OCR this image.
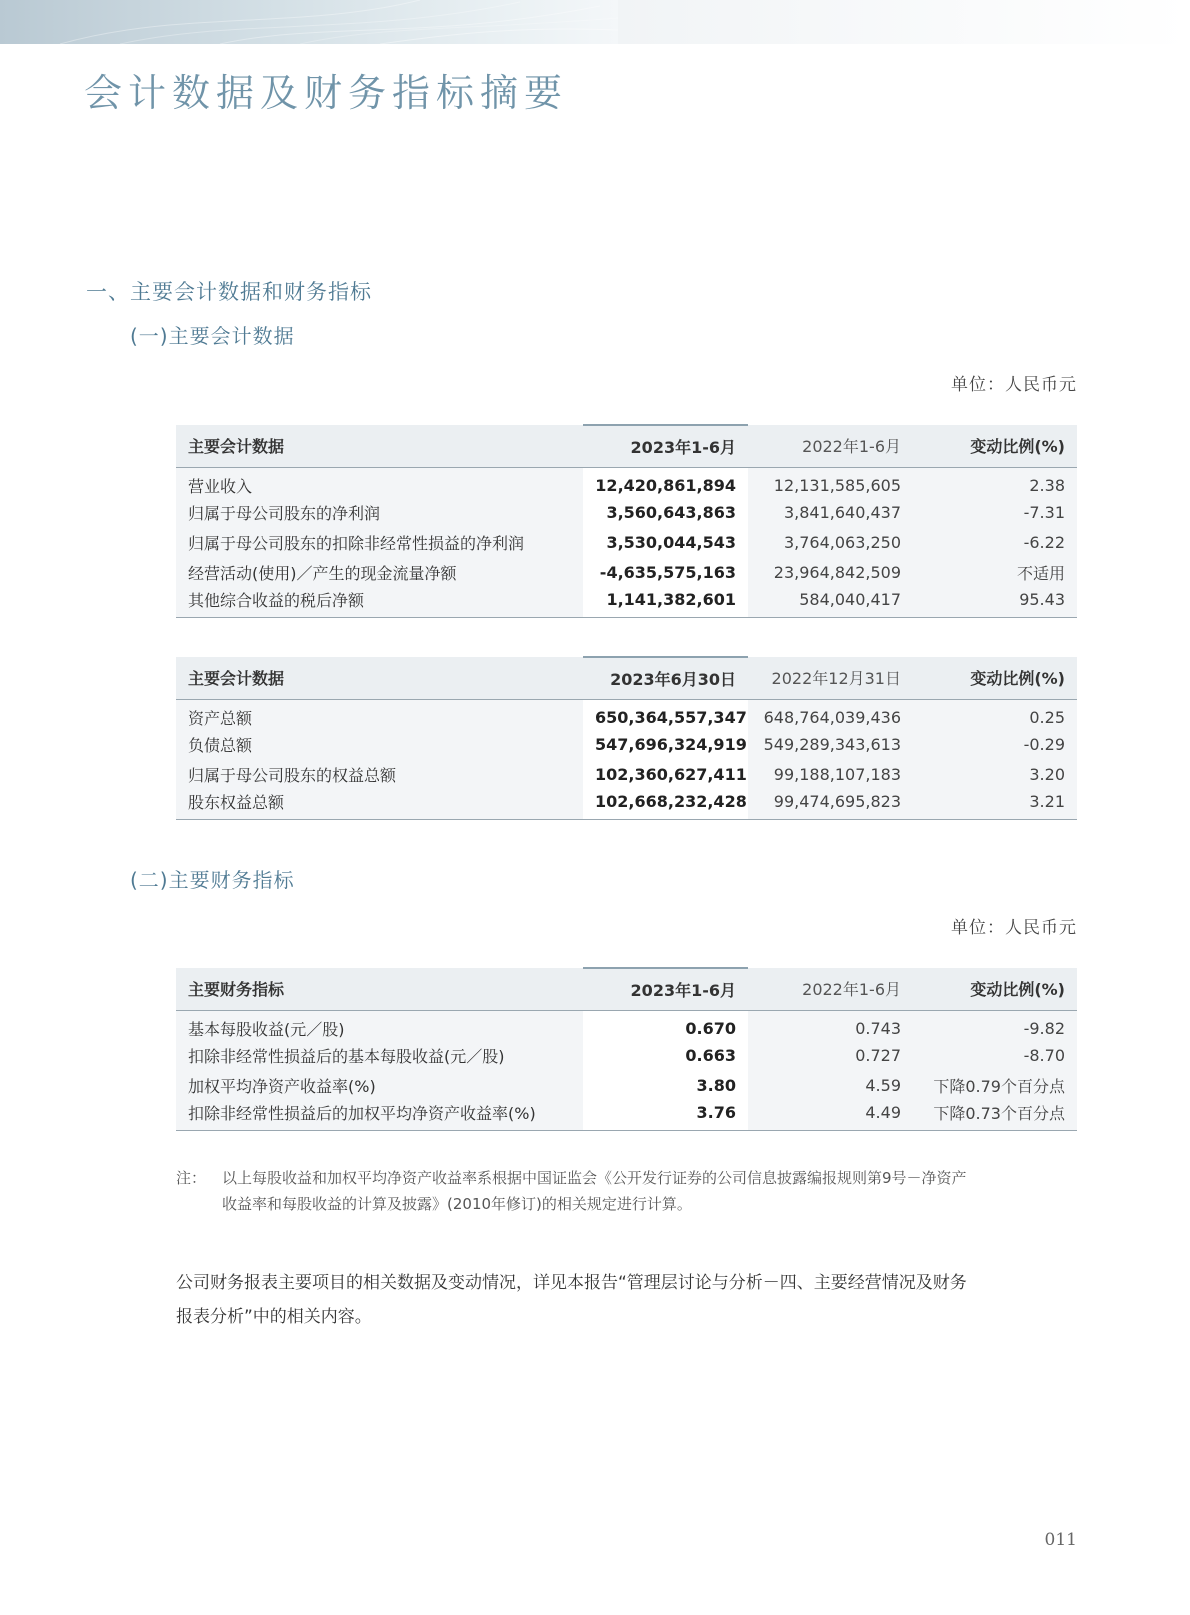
会计数据及财务指标摘要
一、主要会计数据和财务指标
(一)主要会计数据
单位：人民币元
主要会计数据	2023年1-6月	2022年1-6月	变动比例(%)
营业收入	12,420,861,894	12,131,585,605	2.38
归属于母公司股东的净利润	3,560,643,863	3,841,640,437	-7.31
归属于母公司股东的扣除非经常性损益的净利润	3,530,044,543	3,764,063,250	-6.22
经营活动(使用)／产生的现金流量净额	-4,635,575,163	23,964,842,509	不适用
其他综合收益的税后净额	1,141,382,601	584,040,417	95.43
主要会计数据	2023年6月30日	2022年12月31日	变动比例(%)
资产总额	650,364,557,347	648,764,039,436	0.25
负债总额	547,696,324,919	549,289,343,613	-0.29
归属于母公司股东的权益总额	102,360,627,411	99,188,107,183	3.20
股东权益总额	102,668,232,428	99,474,695,823	3.21
(二)主要财务指标
单位：人民币元
主要财务指标	2023年1-6月	2022年1-6月	变动比例(%)
基本每股收益(元／股)	0.670	0.743	-9.82
扣除非经常性损益后的基本每股收益(元／股)	0.663	0.727	-8.70
加权平均净资产收益率(%)	3.80	4.59	下降0.79个百分点
扣除非经常性损益后的加权平均净资产收益率(%)	3.76	4.49	下降0.73个百分点
注： 以上每股收益和加权平均净资产收益率系根据中国证监会《公开发行证券的公司信息披露编报规则第9号－净资产
收益率和每股收益的计算及披露》(2010年修订)的相关规定进行计算。
公司财务报表主要项目的相关数据及变动情况，详见本报告“管理层讨论与分析－四、主要经营情况及财务
报表分析”中的相关内容。
011
